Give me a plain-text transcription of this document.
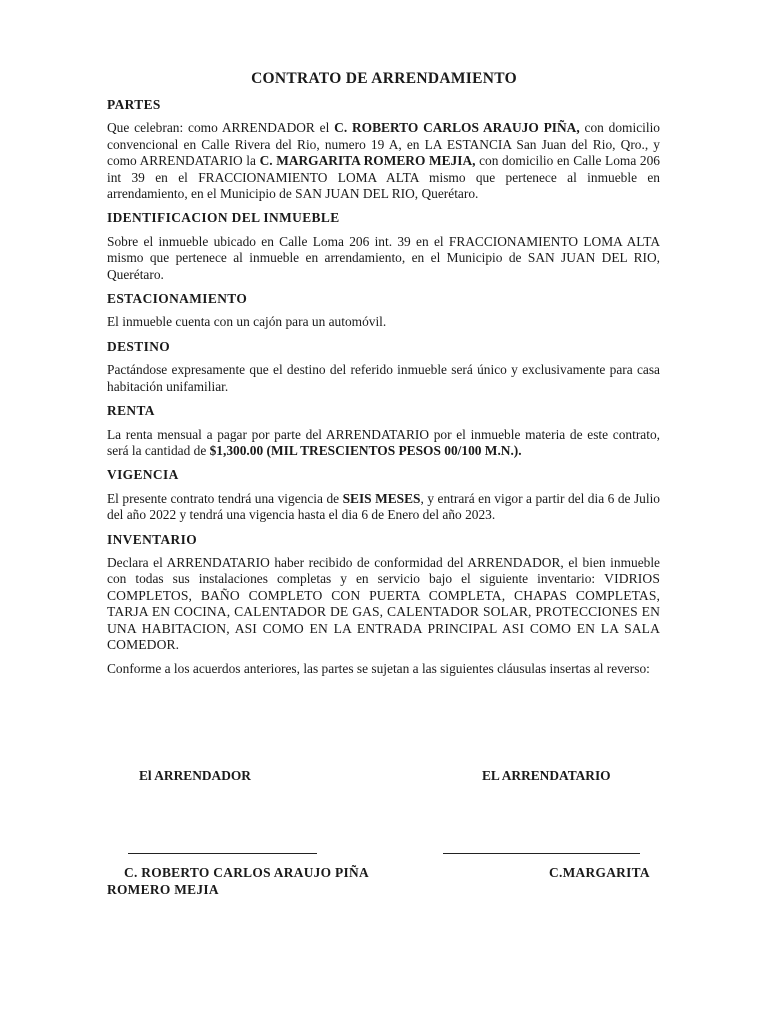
CONTRATO DE ARRENDAMIENTO
PARTES
Que celebran: como ARRENDADOR el C. ROBERTO CARLOS ARAUJO PIÑA, con domicilio convencional en Calle Rivera del Rio, numero 19 A, en LA ESTANCIA San Juan del Rio, Qro., y como ARRENDATARIO la C. MARGARITA ROMERO MEJIA, con domicilio en Calle Loma 206 int 39 en el FRACCIONAMIENTO LOMA ALTA mismo que pertenece al inmueble en arrendamiento, en el Municipio de SAN JUAN DEL RIO, Querétaro.
IDENTIFICACION DEL INMUEBLE
Sobre el inmueble ubicado en Calle Loma 206 int. 39 en el FRACCIONAMIENTO LOMA ALTA mismo que pertenece al inmueble en arrendamiento, en el Municipio de SAN JUAN DEL RIO, Querétaro.
ESTACIONAMIENTO
El inmueble cuenta con un cajón para un automóvil.
DESTINO
Pactándose expresamente que el destino del referido inmueble será único y exclusivamente para casa habitación unifamiliar.
RENTA
La renta mensual a pagar por parte del ARRENDATARIO por el inmueble materia de este contrato, será la cantidad de $1,300.00 (MIL TRESCIENTOS PESOS 00/100 M.N.).
VIGENCIA
El presente contrato tendrá una vigencia de SEIS MESES, y entrará en vigor a partir del dia 6 de Julio del año 2022 y tendrá una vigencia hasta el dia 6 de Enero del año 2023.
INVENTARIO
Declara el ARRENDATARIO haber recibido de conformidad del ARRENDADOR, el bien inmueble con todas sus instalaciones completas y en servicio bajo el siguiente inventario: VIDRIOS COMPLETOS, BAÑO COMPLETO CON PUERTA COMPLETA, CHAPAS COMPLETAS, TARJA EN COCINA, CALENTADOR DE GAS, CALENTADOR SOLAR, PROTECCIONES EN UNA HABITACION, ASI COMO EN LA ENTRADA PRINCIPAL ASI COMO EN LA SALA COMEDOR.
Conforme a los acuerdos anteriores, las partes se sujetan a las siguientes cláusulas insertas al reverso:
El ARRENDADOR	EL ARRENDATARIO
C. ROBERTO CARLOS ARAUJO PIÑA	C.MARGARITA
ROMERO MEJIA
